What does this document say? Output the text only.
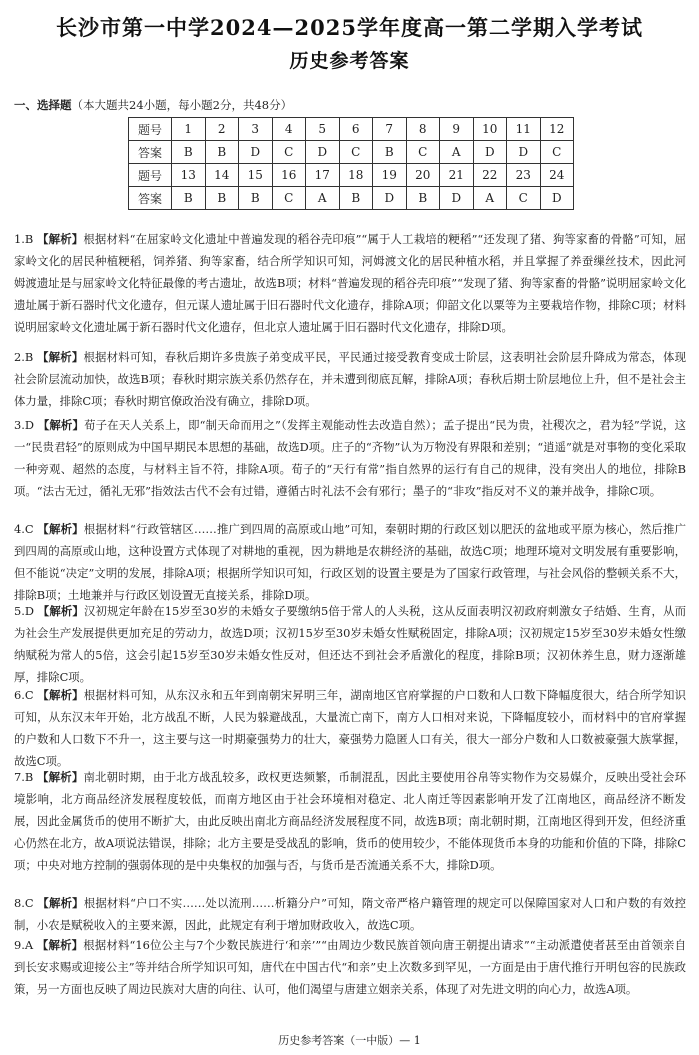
长沙市第一中学2024—2025学年度高一第二学期入学考试
历史参考答案
一、选择题（本大题共24小题，每小题2分，共48分）
题号	1	2	3	4	5	6	7	8	9	10	11	12
答案	B	B	D	C	D	C	B	C	A	D	D	C
题号	13	14	15	16	17	18	19	20	21	22	23	24
答案	B	B	B	C	A	B	D	B	D	A	C	D
1.B 【解析】根据材料“在屈家岭文化遗址中普遍发现的稻谷壳印痕”“属于人工栽培的粳稻”“还发现了猪、狗等家畜的骨骼”可知，屈家岭文化的居民种植粳稻，饲养猪、狗等家畜，结合所学知识可知，河姆渡文化的居民种植水稻，并且掌握了养蚕缫丝技术，因此河姆渡遗址是与屈家岭文化特征最像的考古遗址，故选B项；材料“普遍发现的稻谷壳印痕”“发现了猪、狗等家畜的骨骼”说明屈家岭文化遗址属于新石器时代文化遗存，但元谋人遗址属于旧石器时代文化遗存，排除A项；仰韶文化以粟等为主要栽培作物，排除C项；材料说明屈家岭文化遗址属于新石器时代文化遗存，但北京人遗址属于旧石器时代文化遗存，排除D项。
2.B 【解析】根据材料可知，春秋后期许多贵族子弟变成平民，平民通过接受教育变成士阶层，这表明社会阶层升降成为常态，体现社会阶层流动加快，故选B项；春秋时期宗族关系仍然存在，并未遭到彻底瓦解，排除A项；春秋后期士阶层地位上升，但不是社会主体力量，排除C项；春秋时期官僚政治没有确立，排除D项。
3.D 【解析】荀子在天人关系上，即“制天命而用之”（发挥主观能动性去改造自然）；孟子提出“民为贵，社稷次之，君为轻”学说，这一“民贵君轻”的原则成为中国早期民本思想的基础，故选D项。庄子的“齐物”认为万物没有界限和差别；“逍遥”就是对事物的变化采取一种旁观、超然的态度，与材料主旨不符，排除A项。荀子的“天行有常”指自然界的运行有自己的规律，没有突出人的地位，排除B项。“法古无过，循礼无邪”指效法古代不会有过错，遵循古时礼法不会有邪行；墨子的“非攻”指反对不义的兼并战争，排除C项。
4.C 【解析】根据材料“行政管辖区……推广到四周的高原或山地”可知，秦朝时期的行政区划以肥沃的盆地或平原为核心，然后推广到四周的高原或山地，这种设置方式体现了对耕地的重视，因为耕地是农耕经济的基础，故选C项；地理环境对文明发展有重要影响，但不能说“决定”文明的发展，排除A项；根据所学知识可知，行政区划的设置主要是为了国家行政管理，与社会风俗的整顿关系不大，排除B项；土地兼并与行政区划设置无直接关系，排除D项。
5.D 【解析】汉初规定年龄在15岁至30岁的未婚女子要缴纳5倍于常人的人头税，这从反面表明汉初政府刺激女子结婚、生育，从而为社会生产发展提供更加充足的劳动力，故选D项；汉初15岁至30岁未婚女性赋税固定，排除A项；汉初规定15岁至30岁未婚女性缴纳赋税为常人的5倍，这会引起15岁至30岁未婚女性反对，但还达不到社会矛盾激化的程度，排除B项；汉初休养生息，财力逐渐雄厚，排除C项。
6.C 【解析】根据材料可知，从东汉永和五年到南朝宋昇明三年，湖南地区官府掌握的户口数和人口数下降幅度很大，结合所学知识可知，从东汉末年开始，北方战乱不断，人民为躲避战乱，大量流亡南下，南方人口相对来说，下降幅度较小，而材料中的官府掌握的户数和人口数下不升一，这主要与这一时期豪强势力的壮大，豪强势力隐匿人口有关，很大一部分户数和人口数被豪强大族掌握，故选C项。
7.B 【解析】南北朝时期，由于北方战乱较多，政权更迭频繁，币制混乱，因此主要使用谷帛等实物作为交易媒介，反映出受社会环境影响，北方商品经济发展程度较低，而南方地区由于社会环境相对稳定、北人南迁等因素影响开发了江南地区，商品经济不断发展，因此金属货币的使用不断扩大，由此反映出南北方商品经济发展程度不同，故选B项；南北朝时期，江南地区得到开发，但经济重心仍然在北方，故A项说法错误，排除；北方主要是受战乱的影响，货币的使用较少，不能体现货币本身的功能和价值的下降，排除C项；中央对地方控制的强弱体现的是中央集权的加强与否，与货币是否流通关系不大，排除D项。
8.C 【解析】根据材料“户口不实……处以流刑……析籍分户”可知，隋文帝严格户籍管理的规定可以保障国家对人口和户数的有效控制，小农是赋税收入的主要来源，因此，此规定有利于增加财政收入，故选C项。
9.A 【解析】根据材料“16位公主与7个少数民族进行‘和亲’”“由周边少数民族首领向唐王朝提出请求”“主动派遣使者甚至由首领亲自到长安求赐或迎接公主”等并结合所学知识可知，唐代在中国古代“和亲”史上次数多到罕见，一方面是由于唐代推行开明包容的民族政策，另一方面也反映了周边民族对大唐的向往、认可，他们渴望与唐建立姻亲关系，体现了对先进文明的向心力，故选A项。
历史参考答案（一中版）— 1
